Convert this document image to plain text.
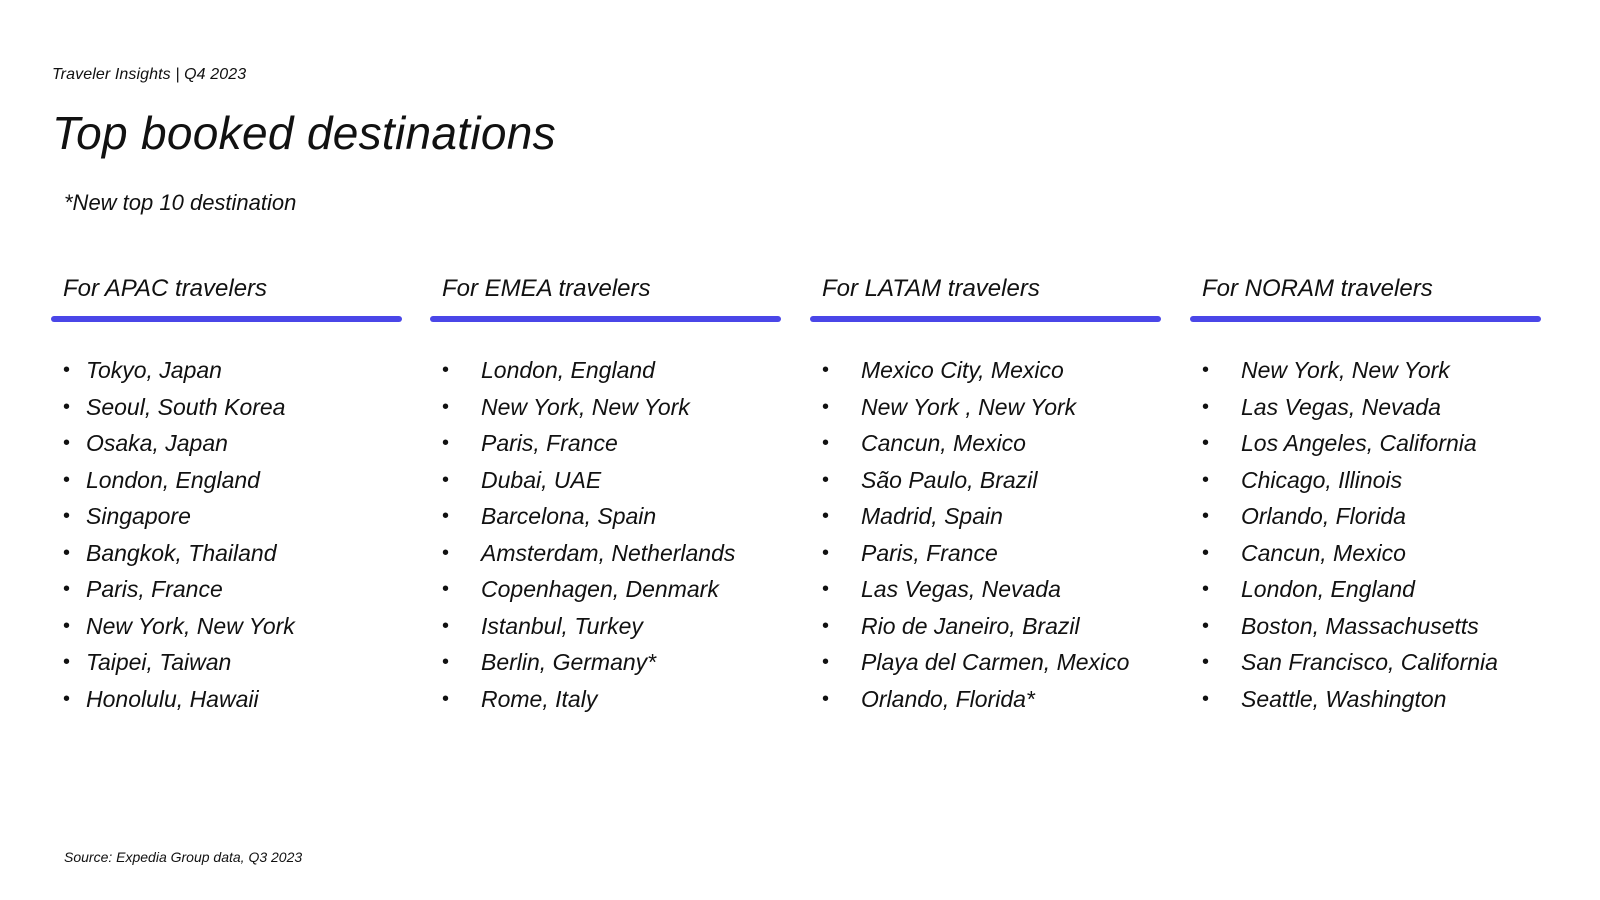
Traveler Insights | Q4 2023
Top booked destinations
*New top 10 destination
For APAC travelers
• Tokyo, Japan
• Seoul, South Korea
• Osaka, Japan
• London, England
• Singapore
• Bangkok, Thailand
• Paris, France
• New York, New York
• Taipei, Taiwan
• Honolulu, Hawaii
For EMEA travelers
• London, England
• New York, New York
• Paris, France
• Dubai, UAE
• Barcelona, Spain
• Amsterdam, Netherlands
• Copenhagen, Denmark
• Istanbul, Turkey
• Berlin, Germany*
• Rome, Italy
For LATAM travelers
• Mexico City, Mexico
• New York , New York
• Cancun, Mexico
• São Paulo, Brazil
• Madrid, Spain
• Paris, France
• Las Vegas, Nevada
• Rio de Janeiro, Brazil
• Playa del Carmen, Mexico
• Orlando, Florida*
For NORAM travelers
• New York, New York
• Las Vegas, Nevada
• Los Angeles, California
• Chicago, Illinois
• Orlando, Florida
• Cancun, Mexico
• London, England
• Boston, Massachusetts
• San Francisco, California
• Seattle, Washington
Source: Expedia Group data, Q3 2023
